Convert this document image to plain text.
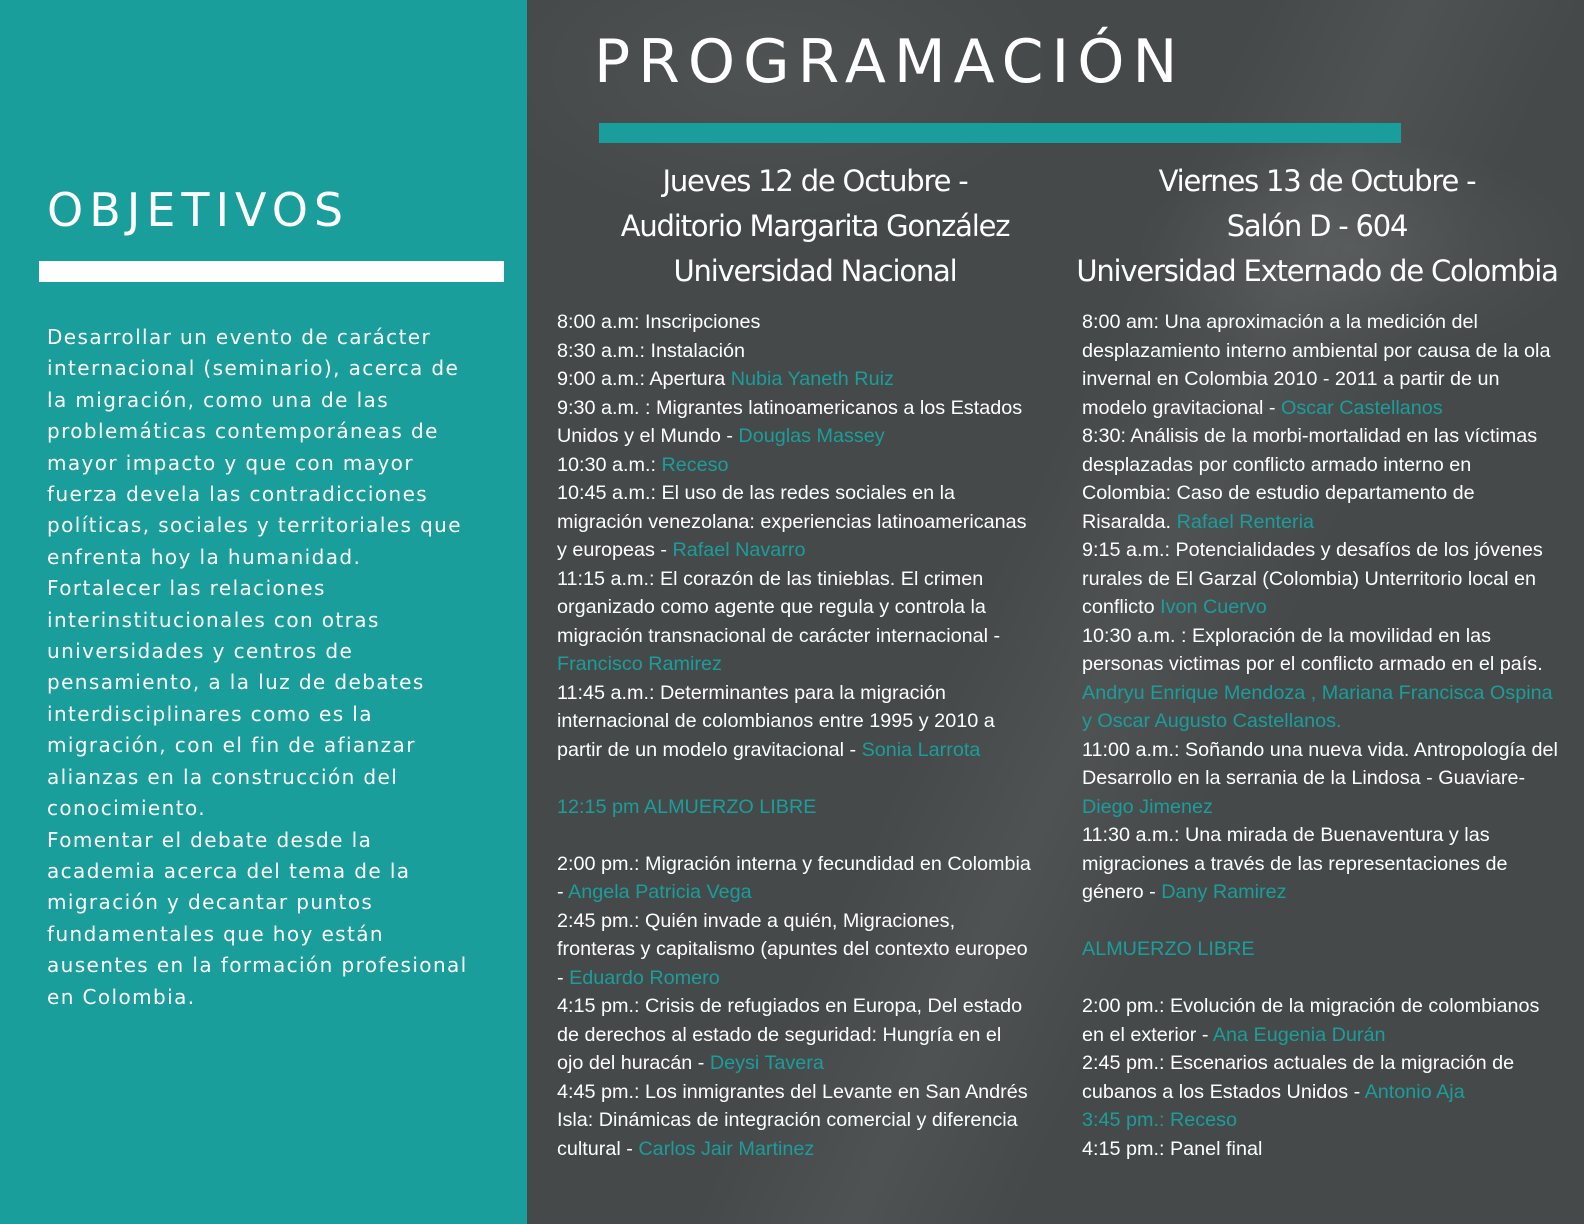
OBJETIVOS

Desarrollar un evento de carácter internacional (seminario), acerca de la migración, como una de las problemáticas contemporáneas de mayor impacto y que con mayor fuerza devela las contradicciones políticas, sociales y territoriales que enfrenta hoy la humanidad.

Fortalecer las relaciones interinstitucionales con otras universidades y centros de pensamiento, a la luz de debates interdisciplinares como es la migración, con el fin de afianzar alianzas en la construcción del conocimiento.

Fomentar el debate desde la academia acerca del tema de la migración y decantar puntos fundamentales que hoy están ausentes en la formación profesional en Colombia.

PROGRAMACIÓN
Jueves 12 de Octubre -
Auditorio Margarita González
Universidad Nacional
Viernes 13 de Octubre -
Salón D - 604
Universidad Externado de Colombia

8:00 a.m: Inscripciones

8:30 a.m.: Instalación

9:00 a.m.: Apertura Nubia Yaneth Ruiz

9:30 a.m. : Migrantes latinoamericanos a los Estados Unidos y el Mundo - Douglas Massey

10:30 a.m.: Receso

10:45 a.m.: El uso de las redes sociales en la migración venezolana: experiencias latinoamericanas y europeas - Rafael Navarro

11:15 a.m.: El corazón de las tinieblas. El crimen organizado como agente que regula y controla la migración transnacional de carácter internacional - Francisco Ramirez

11:45 a.m.: Determinantes para la migración internacional de colombianos entre 1995 y 2010 a partir de un modelo gravitacional - Sonia Larrota

12:15 pm ALMUERZO LIBRE

2:00 pm.: Migración interna y fecundidad en Colombia - Angela Patricia Vega

2:45 pm.: Quién invade a quién, Migraciones, fronteras y capitalismo (apuntes del contexto europeo - Eduardo Romero

4:15 pm.: Crisis de refugiados en Europa, Del estado de derechos al estado de seguridad: Hungría en el ojo del huracán - Deysi Tavera

4:45 pm.: Los inmigrantes del Levante en San Andrés Isla: Dinámicas de integración comercial y diferencia cultural - Carlos Jair Martinez

8:00 am: Una aproximación a la medición del desplazamiento interno ambiental por causa de la ola invernal en Colombia 2010 - 2011 a partir de un modelo gravitacional - Oscar Castellanos

8:30: Análisis de la morbi-mortalidad en las víctimas desplazadas por conflicto armado interno en Colombia: Caso de estudio departamento de Risaralda. Rafael Renteria

9:15 a.m.: Potencialidades y desafíos de los jóvenes rurales de El Garzal (Colombia) Unterritorio local en conflicto Ivon Cuervo

10:30 a.m. : Exploración de la movilidad en las personas victimas por el conflicto armado en el país. Andryu Enrique Mendoza , Mariana Francisca Ospina y Oscar Augusto Castellanos.

11:00 a.m.: Soñando una nueva vida. Antropología del Desarrollo en la serrania de la Lindosa - Guaviare- Diego Jimenez

11:30 a.m.: Una mirada de Buenaventura y las migraciones a través de las representaciones de género - Dany Ramirez

ALMUERZO LIBRE

2:00 pm.: Evolución de la migración de colombianos en el exterior - Ana Eugenia Durán

2:45 pm.: Escenarios actuales de la migración de cubanos a los Estados Unidos - Antonio Aja

3:45 pm.: Receso

4:15 pm.: Panel final
